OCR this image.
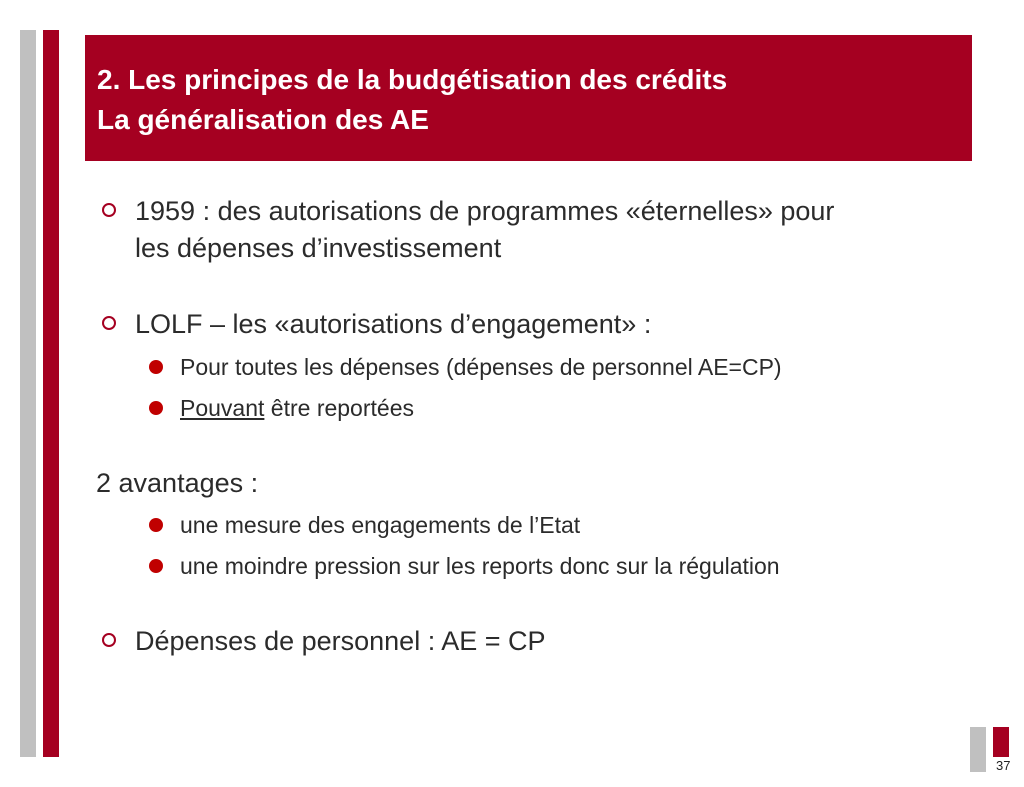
2. Les principes de la budgétisation des crédits
La généralisation des AE
1959 : des autorisations de programmes «éternelles» pour
les dépenses d’investissement
LOLF – les «autorisations d’engagement» :
Pour toutes les dépenses (dépenses de personnel AE=CP)
Pouvant être reportées
2 avantages :
une mesure des engagements de l’Etat
une moindre pression sur les reports donc sur la régulation
Dépenses de personnel : AE = CP
37
